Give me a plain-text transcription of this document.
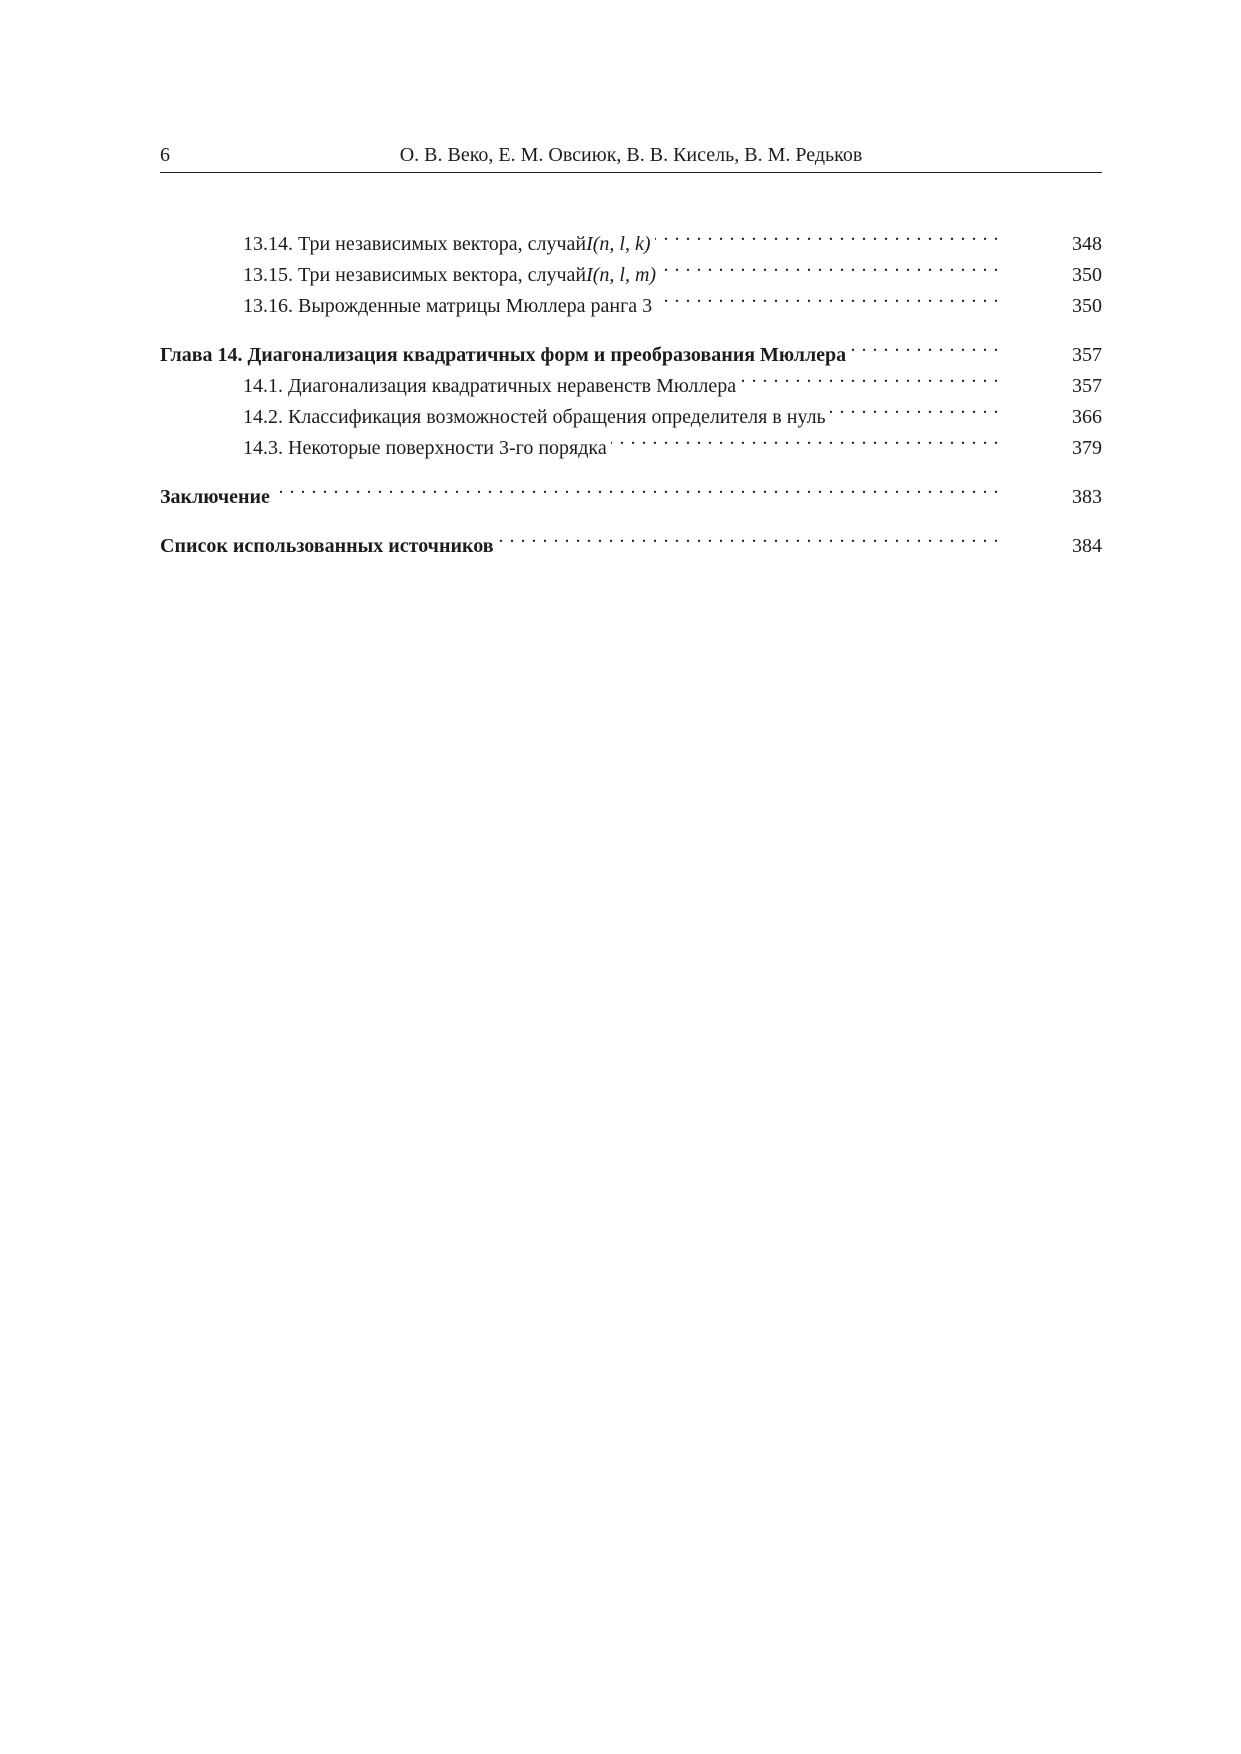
6	О. В. Веко, Е. М. Овсиюк, В. В. Кисель, В. М. Редьков
13.14. Три независимых вектора, случай I(n, l, k) . . .	348
13.15. Три независимых вектора, случай I(n, l, m) . . .	350
13.16. Вырожденные матрицы Мюллера ранга 3 . . .	350
Глава 14. Диагонализация квадратичных форм и преобразования Мюллера . . .	357
14.1. Диагонализация квадратичных неравенств Мюллера . . .	357
14.2. Классификация возможностей обращения определителя в нуль . . .	366
14.3. Некоторые поверхности 3-го порядка . . .	379
Заключение . . .	383
Список использованных источников . . .	384
